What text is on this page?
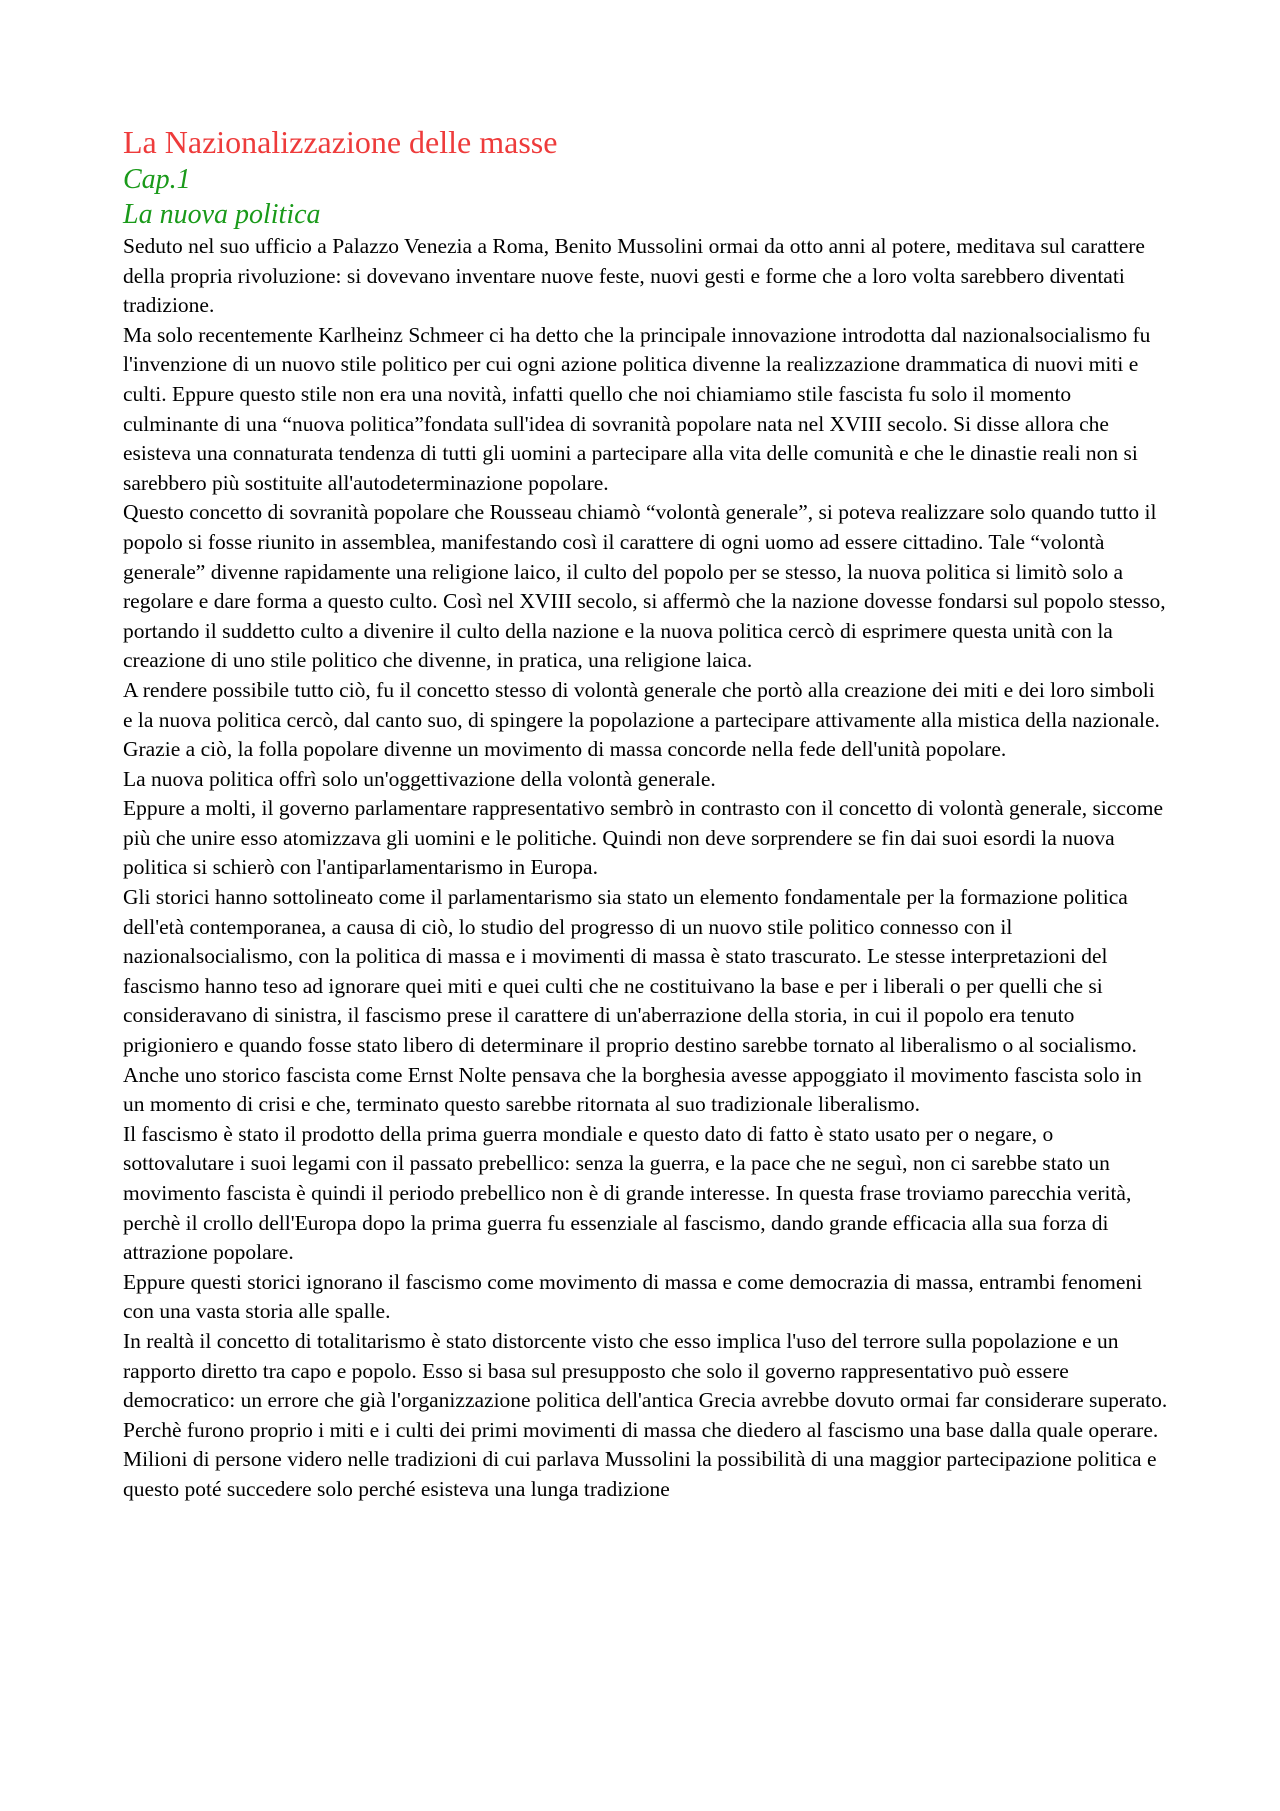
La Nazionalizzazione delle masse
Cap.1
La nuova politica

Seduto nel suo ufficio a Palazzo Venezia a Roma, Benito Mussolini ormai da otto anni al potere, meditava sul carattere della propria rivoluzione: si dovevano inventare nuove feste, nuovi gesti e forme che a loro volta sarebbero diventati tradizione.

Ma solo recentemente Karlheinz Schmeer ci ha detto che la principale innovazione introdotta dal nazionalsocialismo fu l'invenzione di un nuovo stile politico per cui ogni azione politica divenne la realizzazione drammatica di nuovi miti e culti. Eppure questo stile non era una novità, infatti quello che noi chiamiamo stile fascista fu solo il momento culminante di una “nuova politica”fondata sull'idea di sovranità popolare nata nel XVIII secolo. Si disse allora che esisteva una connaturata tendenza di tutti gli uomini a partecipare alla vita delle comunità e che le dinastie reali non si sarebbero più sostituite all'autodeterminazione popolare.

Questo concetto di sovranità popolare che Rousseau chiamò “volontà generale”, si poteva realizzare solo quando tutto il popolo si fosse riunito in assemblea, manifestando così il carattere di ogni uomo ad essere cittadino. Tale “volontà generale” divenne rapidamente una religione laico, il culto del popolo per se stesso, la nuova politica si limitò solo a regolare e dare forma a questo culto. Così nel XVIII secolo, si affermò che la nazione dovesse fondarsi sul popolo stesso, portando il suddetto culto a divenire il culto della nazione e la nuova politica cercò di esprimere questa unità con la creazione di uno stile politico che divenne, in pratica, una religione laica.

A rendere possibile tutto ciò, fu il concetto stesso di volontà generale che portò alla creazione dei miti e dei loro simboli e la nuova politica cercò, dal canto suo, di spingere la popolazione a partecipare attivamente alla mistica della nazionale. Grazie a ciò, la folla popolare divenne un movimento di massa concorde nella fede dell'unità popolare.

La nuova politica offrì solo un'oggettivazione della volontà generale.

Eppure a molti, il governo parlamentare rappresentativo sembrò in contrasto con il concetto di volontà generale, siccome più che unire esso atomizzava gli uomini e le politiche. Quindi non deve sorprendere se fin dai suoi esordi la nuova politica si schierò con l'antiparlamentarismo in Europa.

Gli storici hanno sottolineato come il parlamentarismo sia stato un elemento fondamentale per la formazione politica dell'età contemporanea, a causa di ciò, lo studio del progresso di un nuovo stile politico connesso con il nazionalsocialismo, con la politica di massa e i movimenti di massa è stato trascurato. Le stesse interpretazioni del fascismo hanno teso ad ignorare quei miti e quei culti che ne costituivano la base e per i liberali o per quelli che si consideravano di sinistra, il fascismo prese il carattere di un'aberrazione della storia, in cui il popolo era tenuto prigioniero e quando fosse stato libero di determinare il proprio destino sarebbe tornato al liberalismo o al socialismo.

Anche uno storico fascista come Ernst Nolte pensava che la borghesia avesse appoggiato il movimento fascista solo in un momento di crisi e che, terminato questo sarebbe ritornata al suo tradizionale liberalismo.

Il fascismo è stato il prodotto della prima guerra mondiale e questo dato di fatto è stato usato per o negare, o sottovalutare i suoi legami con il passato prebellico: senza la guerra, e la pace che ne seguì, non ci sarebbe stato un movimento fascista è quindi il periodo prebellico non è di grande interesse. In questa frase troviamo parecchia verità, perchè il crollo dell'Europa dopo la prima guerra fu essenziale al fascismo, dando grande efficacia alla sua forza di attrazione popolare.

Eppure questi storici ignorano il fascismo come movimento di massa e come democrazia di massa, entrambi fenomeni con una vasta storia alle spalle.

In realtà il concetto di totalitarismo è stato distorcente visto che esso implica l'uso del terrore sulla popolazione e un rapporto diretto tra capo e popolo. Esso si basa sul presupposto che solo il governo rappresentativo può essere democratico: un errore che già l'organizzazione politica dell'antica Grecia avrebbe dovuto ormai far considerare superato. Perchè furono proprio i miti e i culti dei primi movimenti di massa che diedero al fascismo una base dalla quale operare.

Milioni di persone videro nelle tradizioni di cui parlava Mussolini la possibilità di una maggior partecipazione politica e questo poté succedere solo perché esisteva una lunga tradizione
